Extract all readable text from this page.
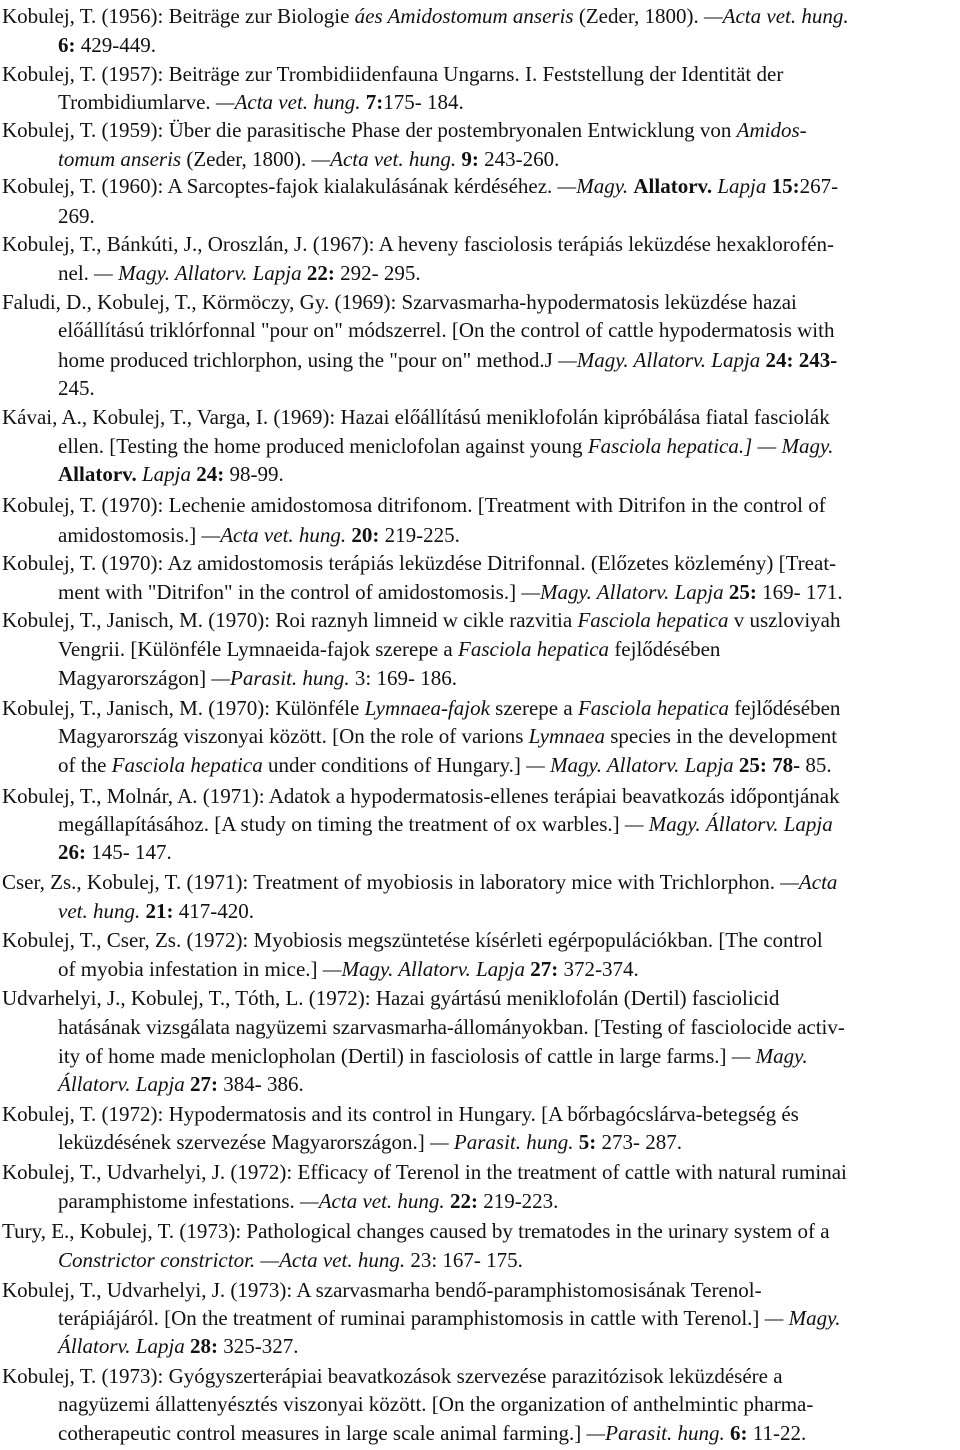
Kobulej, T. (1956): Beiträge zur Biologie áes Amidostomum anseris (Zeder, 1800). —Acta vet. hung.
6: 429-449.
Kobulej, T. (1957): Beiträge zur Trombidiidenfauna Ungarns. I. Feststellung der Identität der
Trombidiumlarve. —Acta vet. hung. 7:175- 184.
Kobulej, T. (1959): Über die parasitische Phase der postembryonalen Entwicklung von Amidos-
tomum anseris (Zeder, 1800). —Acta vet. hung. 9: 243-260.
Kobulej, T. (1960): A Sarcoptes-fajok kialakulásának kérdéséhez. —Magy. Allatorv. Lapja 15:267-
269.
Kobulej, T., Bánkúti, J., Oroszlán, J. (1967): A heveny fasciolosis terápiás leküzdése hexaklorofén-
nel. — Magy. Allatorv. Lapja 22: 292- 295.
Faludi, D., Kobulej, T., Körmöczy, Gy. (1969): Szarvasmarha-hypodermatosis leküzdése hazai
előállítású triklórfonnal "pour on" módszerrel. [On the control of cattle hypodermatosis with
home produced trichlorphon, using the "pour on" method.J —Magy. Allatorv. Lapja 24: 243-
245.
Kávai, A., Kobulej, T., Varga, I. (1969): Hazai előállítású meniklofolán kipróbálása fiatal fasciolák
ellen. [Testing the home produced meniclofolan against young Fasciola hepatica.] — Magy.
Allatorv. Lapja 24: 98-99.
Kobulej, T. (1970): Lechenie amidostomosa ditrifonom. [Treatment with Ditrifon in the control of
amidostomosis.] —Acta vet. hung. 20: 219-225.
Kobulej, T. (1970): Az amidostomosis terápiás leküzdése Ditrifonnal. (Előzetes közlemény) [Treat-
ment with "Ditrifon" in the control of amidostomosis.] —Magy. Allatorv. Lapja 25: 169- 171.
Kobulej, T., Janisch, M. (1970): Roi raznyh limneid w cikle razvitia Fasciola hepatica v uszloviyah
Vengrii. [Különféle Lymnaeida-fajok szerepe a Fasciola hepatica fejlődésében
Magyarországon] —Parasit. hung. 3: 169- 186.
Kobulej, T., Janisch, M. (1970): Különféle Lymnaea-fajok szerepe a Fasciola hepatica fejlődésében
Magyarország viszonyai között. [On the role of varions Lymnaea species in the development
of the Fasciola hepatica under conditions of Hungary.] — Magy. Allatorv. Lapja 25: 78- 85.
Kobulej, T., Molnár, A. (1971): Adatok a hypodermatosis-ellenes terápiai beavatkozás időpontjának
megállapításához. [A study on timing the treatment of ox warbles.] — Magy. Állatorv. Lapja
26: 145- 147.
Cser, Zs., Kobulej, T. (1971): Treatment of myobiosis in laboratory mice with Trichlorphon. —Acta
vet. hung. 21: 417-420.
Kobulej, T., Cser, Zs. (1972): Myobiosis megszüntetése kísérleti egérpopulációkban. [The control
of myobia infestation in mice.] —Magy. Allatorv. Lapja 27: 372-374.
Udvarhelyi, J., Kobulej, T., Tóth, L. (1972): Hazai gyártású meniklofolán (Dertil) fasciolicid
hatásának vizsgálata nagyüzemi szarvasmarha-állományokban. [Testing of fasciolocide activ-
ity of home made meniclopholan (Dertil) in fasciolosis of cattle in large farms.] — Magy.
Állatorv. Lapja 27: 384- 386.
Kobulej, T. (1972): Hypodermatosis and its control in Hungary. [A bőrbagócslárva-betegség és
leküzdésének szervezése Magyarországon.] — Parasit. hung. 5: 273- 287.
Kobulej, T., Udvarhelyi, J. (1972): Efficacy of Terenol in the treatment of cattle with natural ruminai
paramphistome infestations. —Acta vet. hung. 22: 219-223.
Tury, E., Kobulej, T. (1973): Pathological changes caused by trematodes in the urinary system of a
Constrictor constrictor. —Acta vet. hung. 23: 167- 175.
Kobulej, T., Udvarhelyi, J. (1973): A szarvasmarha bendő-paramphistomosisának Terenol-
terápiájáról. [On the treatment of ruminai paramphistomosis in cattle with Terenol.] — Magy.
Állatorv. Lapja 28: 325-327.
Kobulej, T. (1973): Gyógyszerterápiai beavatkozások szervezése parazitózisok leküzdésére a
nagyüzemi állattenyésztés viszonyai között. [On the organization of anthelmintic pharma-
cotherapeutic control measures in large scale animal farming.] —Parasit. hung. 6: 11-22.
